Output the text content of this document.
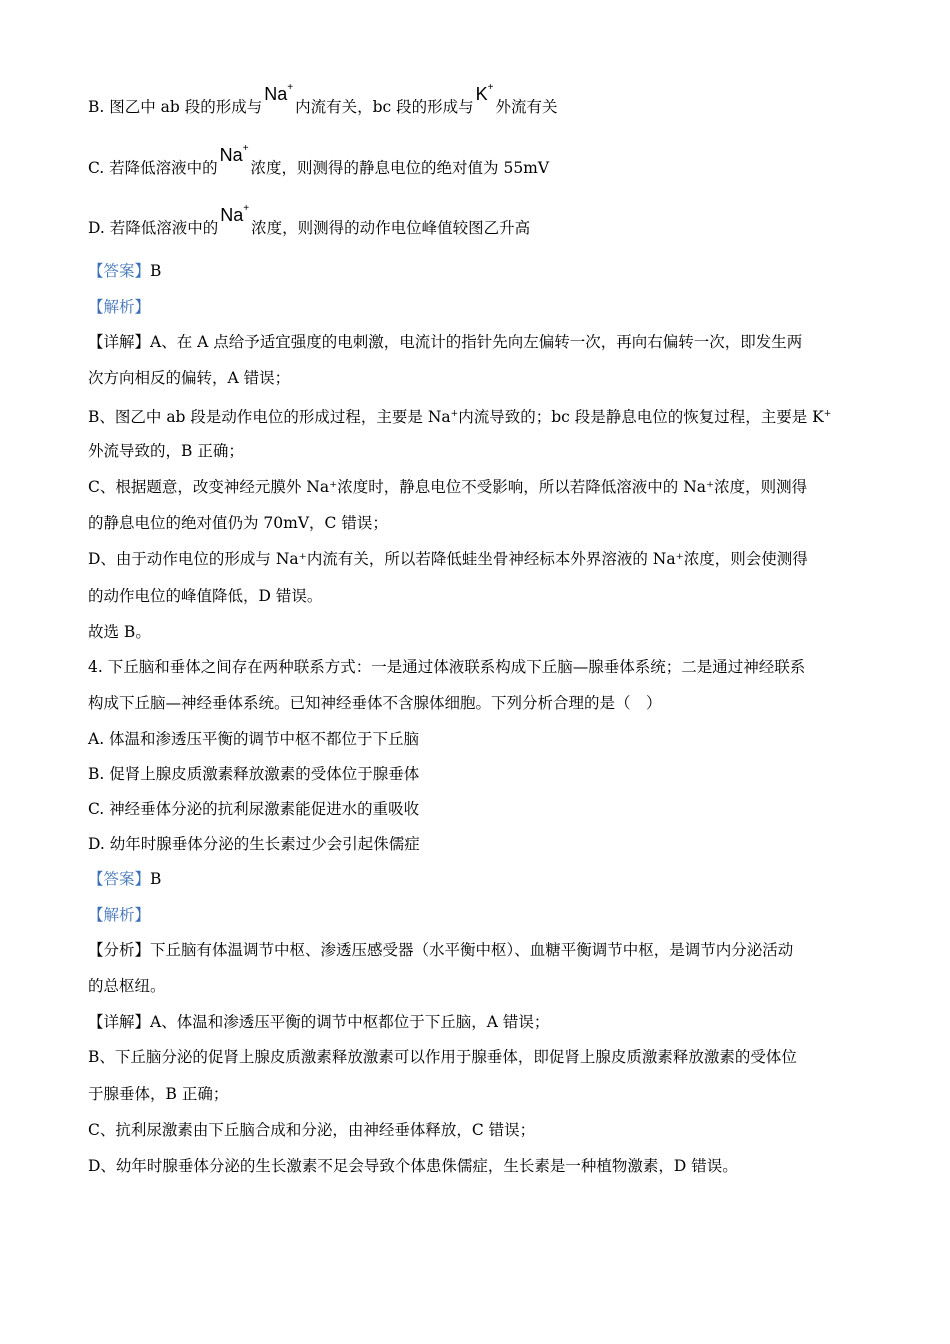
B. 图乙中 ab 段的形成与Na+内流有关，bc 段的形成与K+外流有关
C. 若降低溶液中的Na+浓度，则测得的静息电位的绝对值为 55mV
D. 若降低溶液中的Na+浓度，则测得的动作电位峰值较图乙升高
【答案】B
【解析】
【详解】A、在 A 点给予适宜强度的电刺激，电流计的指针先向左偏转一次，再向右偏转一次，即发生两
次方向相反的偏转，A 错误；
B、图乙中 ab 段是动作电位的形成过程，主要是 Na+内流导致的；bc 段是静息电位的恢复过程，主要是 K+
外流导致的，B 正确；
C、根据题意，改变神经元膜外 Na⁺浓度时，静息电位不受影响，所以若降低溶液中的 Na⁺浓度，则测得
的静息电位的绝对值仍为 70mV，C 错误；
D、由于动作电位的形成与 Na⁺内流有关，所以若降低蛙坐骨神经标本外界溶液的 Na⁺浓度，则会使测得
的动作电位的峰值降低，D 错误。
故选 B。
4. 下丘脑和垂体之间存在两种联系方式：一是通过体液联系构成下丘脑—腺垂体系统；二是通过神经联系
构成下丘脑—神经垂体系统。已知神经垂体不含腺体细胞。下列分析合理的是（　）
A. 体温和渗透压平衡的调节中枢不都位于下丘脑
B. 促肾上腺皮质激素释放激素的受体位于腺垂体
C. 神经垂体分泌的抗利尿激素能促进水的重吸收
D. 幼年时腺垂体分泌的生长素过少会引起侏儒症
【答案】B
【解析】
【分析】下丘脑有体温调节中枢、渗透压感受器（水平衡中枢）、血糖平衡调节中枢，是调节内分泌活动
的总枢纽。
【详解】A、体温和渗透压平衡的调节中枢都位于下丘脑，A 错误；
B、下丘脑分泌的促肾上腺皮质激素释放激素可以作用于腺垂体，即促肾上腺皮质激素释放激素的受体位
于腺垂体，B 正确；
C、抗利尿激素由下丘脑合成和分泌，由神经垂体释放，C 错误；
D、幼年时腺垂体分泌的生长激素不足会导致个体患侏儒症，生长素是一种植物激素，D 错误。
